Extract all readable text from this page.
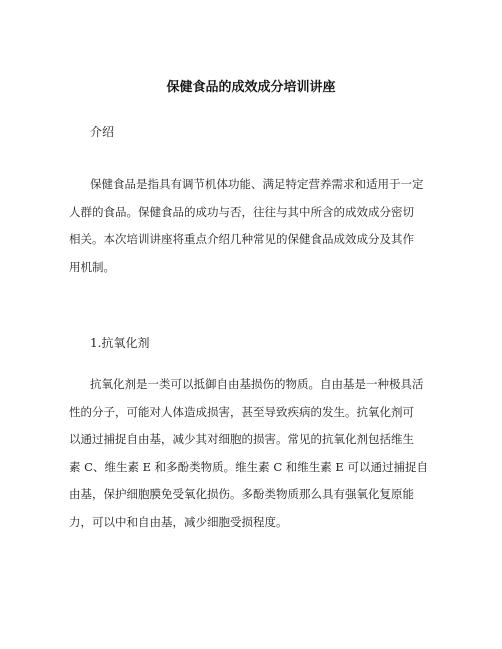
保健食品的成效成分培训讲座
介绍
保健食品是指具有调节机体功能、满足特定营养需求和适用于一定
人群的食品。保健食品的成功与否，往往与其中所含的成效成分密切
相关。本次培训讲座将重点介绍几种常见的保健食品成效成分及其作
用机制。
1.抗氧化剂
抗氧化剂是一类可以抵御自由基损伤的物质。自由基是一种极具活
性的分子，可能对人体造成损害，甚至导致疾病的发生。抗氧化剂可
以通过捕捉自由基，减少其对细胞的损害。常见的抗氧化剂包括维生
素 C、维生素 E 和多酚类物质。维生素 C 和维生素 E 可以通过捕捉自
由基，保护细胞膜免受氧化损伤。多酚类物质那么具有强氧化复原能
力，可以中和自由基，减少细胞受损程度。
